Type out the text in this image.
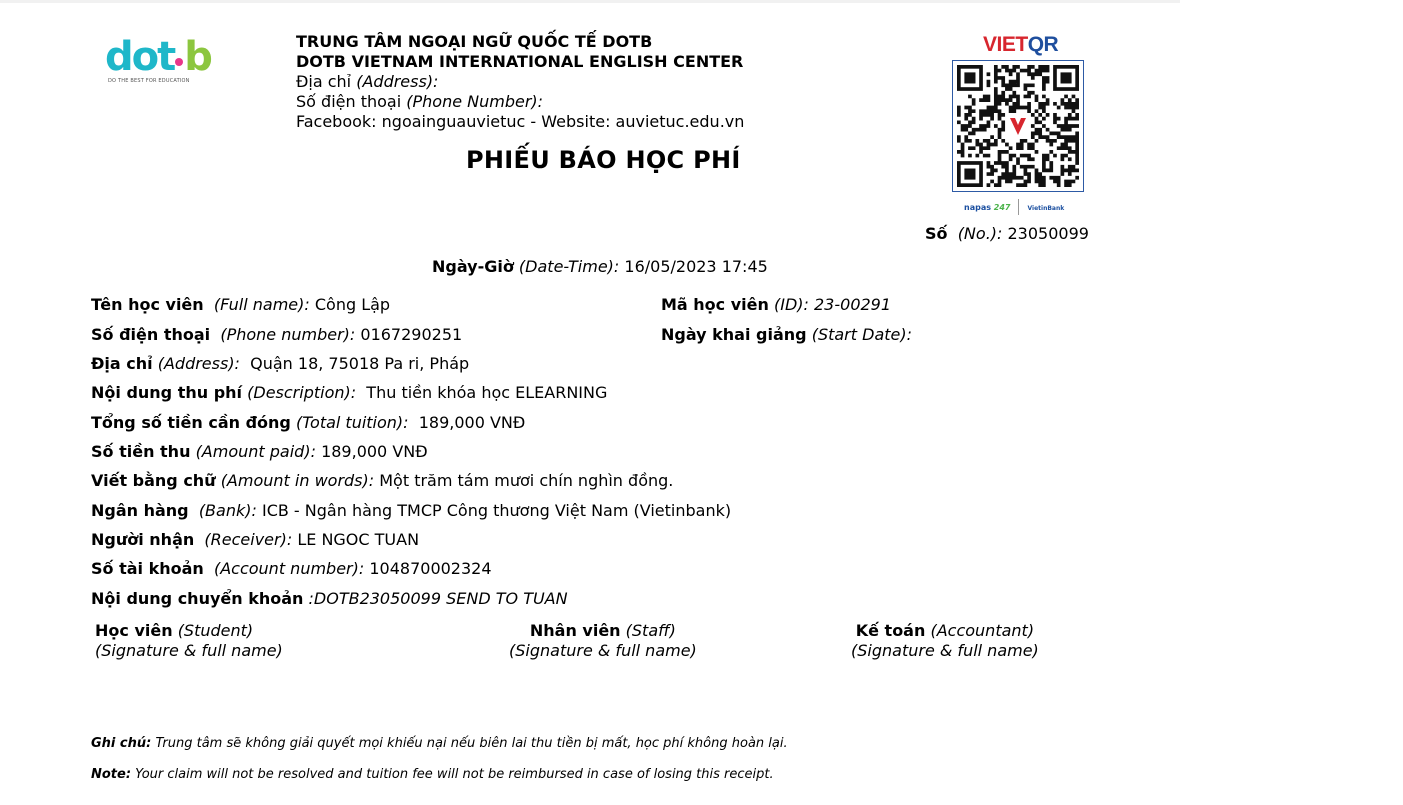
dot b
DO THE BEST FOR EDUCATION
TRUNG TÂM NGOẠI NGỮ QUỐC TẾ DOTB
DOTB VIETNAM INTERNATIONAL ENGLISH CENTER
Địa chỉ (Address):
Số điện thoại (Phone Number):
Facebook: ngoainguauvietuc - Website: auvietuc.edu.vn
PHIẾU BÁO HỌC PHÍ
VIETQR
napas 247	VietinBank
Số (No.): 23050099
Ngày-Giờ (Date-Time): 16/05/2023 17:45
Tên học viên (Full name): Công Lập	Mã học viên (ID): 23-00291
Số điện thoại (Phone number): 0167290251	Ngày khai giảng (Start Date):
Địa chỉ (Address): Quận 18, 75018 Pa ri, Pháp
Nội dung thu phí (Description): Thu tiền khóa học ELEARNING
Tổng số tiền cần đóng (Total tuition): 189,000 VNĐ
Số tiền thu (Amount paid): 189,000 VNĐ
Viết bằng chữ (Amount in words): Một trăm tám mươi chín nghìn đồng.
Ngân hàng (Bank): ICB - Ngân hàng TMCP Công thương Việt Nam (Vietinbank)
Người nhận (Receiver): LE NGOC TUAN
Số tài khoản (Account number): 104870002324
Nội dung chuyển khoản :DOTB23050099 SEND TO TUAN
Học viên (Student)
(Signature & full name)
Nhân viên (Staff)
(Signature & full name)
Kế toán (Accountant)
(Signature & full name)
Ghi chú: Trung tâm sẽ không giải quyết mọi khiếu nại nếu biên lai thu tiền bị mất, học phí không hoàn lại.
Note: Your claim will not be resolved and tuition fee will not be reimbursed in case of losing this receipt.
